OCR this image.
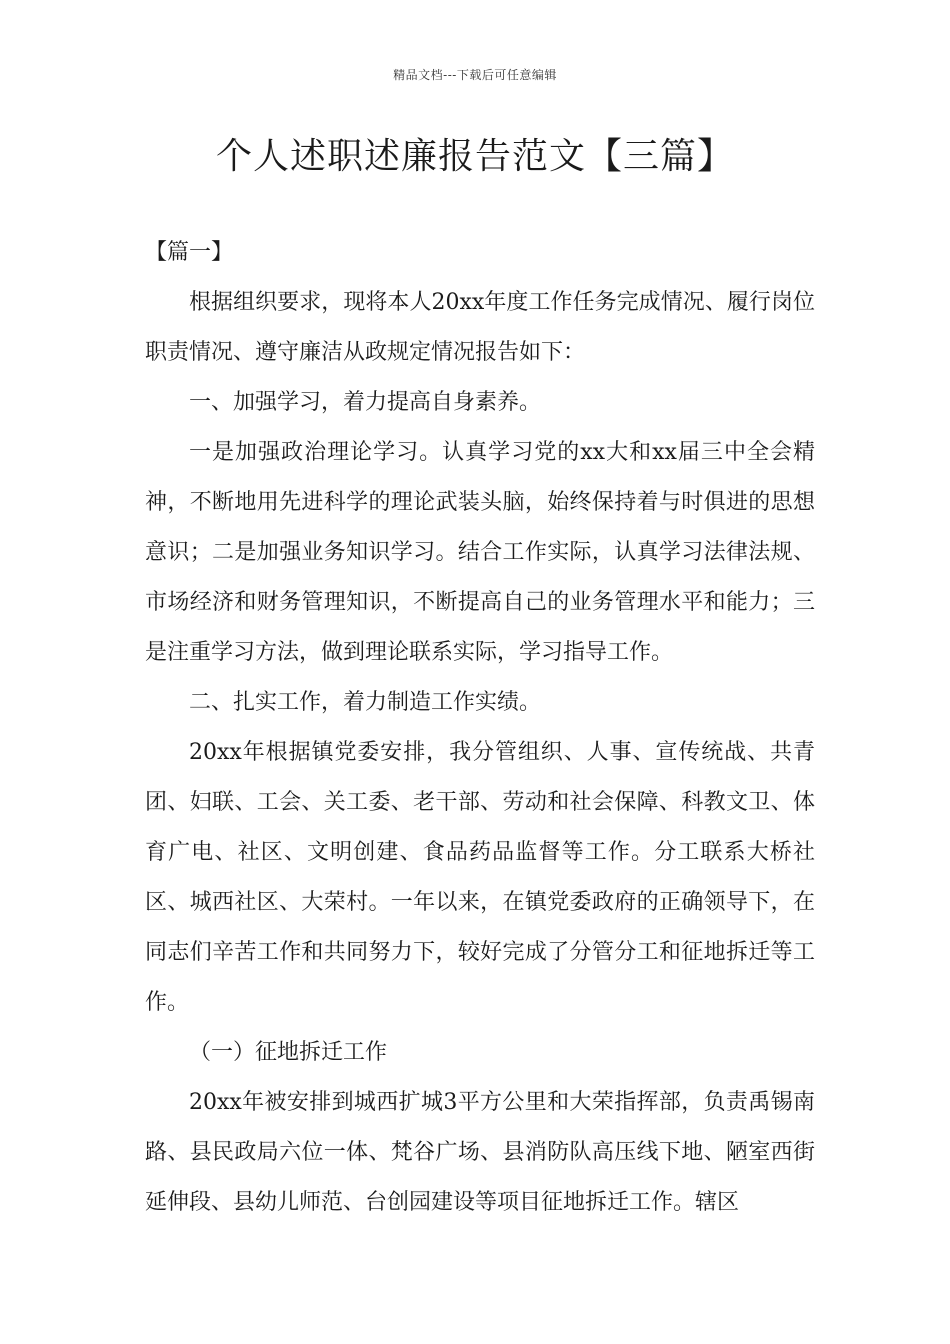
精品文档---下载后可任意编辑
个人述职述廉报告范文【三篇】

【篇一】

根据组织要求，现将本人20xx年度工作任务完成情况、履行岗位职责情况、遵守廉洁从政规定情况报告如下：

一、加强学习，着力提高自身素养。

一是加强政治理论学习。认真学习党的xx大和xx届三中全会精神，不断地用先进科学的理论武装头脑，始终保持着与时俱进的思想意识；二是加强业务知识学习。结合工作实际，认真学习法律法规、市场经济和财务管理知识，不断提高自己的业务管理水平和能力；三是注重学习方法，做到理论联系实际，学习指导工作。

二、扎实工作，着力制造工作实绩。

20xx年根据镇党委安排，我分管组织、人事、宣传统战、共青团、妇联、工会、关工委、老干部、劳动和社会保障、科教文卫、体育广电、社区、文明创建、食品药品监督等工作。分工联系大桥社区、城西社区、大荣村。一年以来，在镇党委政府的正确领导下，在同志们辛苦工作和共同努力下，较好完成了分管分工和征地拆迁等工作。

（一）征地拆迁工作

20xx年被安排到城西扩城3平方公里和大荣指挥部，负责禹锡南路、县民政局六位一体、梵谷广场、县消防队高压线下地、陋室西街延伸段、县幼儿师范、台创园建设等项目征地拆迁工作。辖区
